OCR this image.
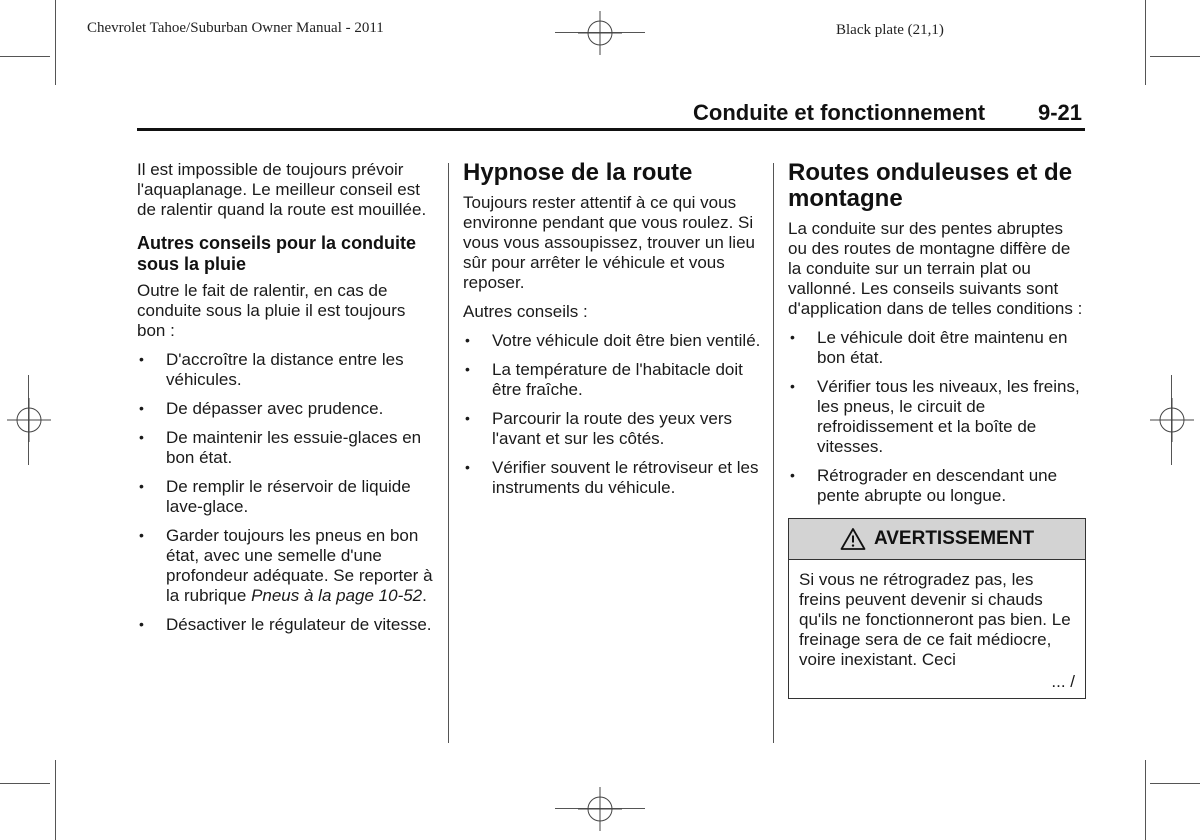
Chevrolet Tahoe/Suburban Owner Manual - 2011	Black plate (21,1)
Conduite et fonctionnement 9-21

Il est impossible de toujours prévoir l'aquaplanage. Le meilleur conseil est de ralentir quand la route est mouillée.

Autres conseils pour la conduite sous la pluie

Outre le fait de ralentir, en cas de conduite sous la pluie il est toujours bon :

• D'accroître la distance entre les véhicules.
• De dépasser avec prudence.
• De maintenir les essuie-glaces en bon état.
• De remplir le réservoir de liquide lave-glace.
• Garder toujours les pneus en bon état, avec une semelle d'une profondeur adéquate. Se reporter à la rubrique Pneus à la page 10-52.
• Désactiver le régulateur de vitesse.
Hypnose de la route

Toujours rester attentif à ce qui vous environne pendant que vous roulez. Si vous vous assoupissez, trouver un lieu sûr pour arrêter le véhicule et vous reposer.

Autres conseils :

• Votre véhicule doit être bien ventilé.
• La température de l'habitacle doit être fraîche.
• Parcourir la route des yeux vers l'avant et sur les côtés.
• Vérifier souvent le rétroviseur et les instruments du véhicule.
Routes onduleuses et de montagne

La conduite sur des pentes abruptes ou des routes de montagne diffère de la conduite sur un terrain plat ou vallonné. Les conseils suivants sont d'application dans de telles conditions :

• Le véhicule doit être maintenu en bon état.
• Vérifier tous les niveaux, les freins, les pneus, le circuit de refroidissement et la boîte de vitesses.
• Rétrograder en descendant une pente abrupte ou longue.
AVERTISSEMENT
Si vous ne rétrogradez pas, les freins peuvent devenir si chauds qu'ils ne fonctionneront pas bien. Le freinage sera de ce fait médiocre, voire inexistant. Ceci
... /
